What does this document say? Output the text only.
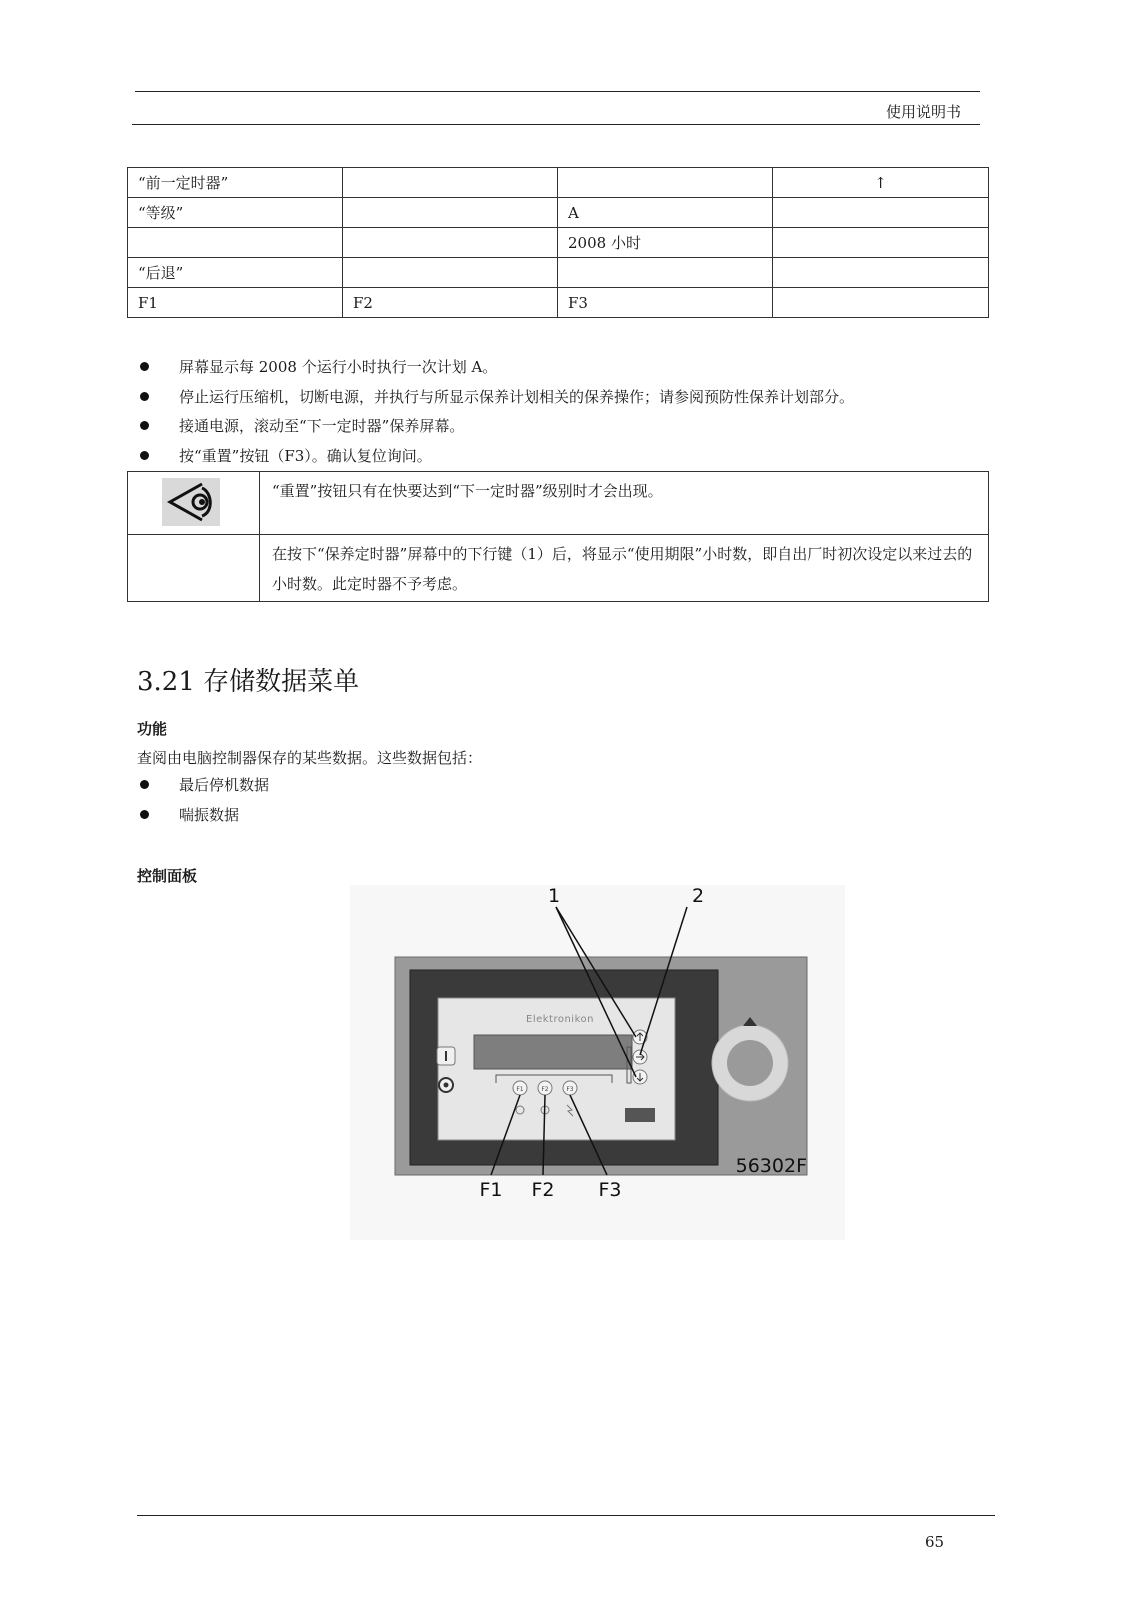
使用说明书
“前一定时器”			↑
“等级”		A	
		2008 小时	
“后退”			
F1	F2	F3	
屏幕显示每 2008 个运行小时执行一次计划 A。
停止运行压缩机，切断电源，并执行与所显示保养计划相关的保养操作；请参阅预防性保养计划部分。
接通电源，滚动至“下一定时器”保养屏幕。
按“重置”按钮（F3）。确认复位询问。
	“重置”按钮只有在快要达到“下一定时器”级别时才会出现。
	在按下“保养定时器”屏幕中的下行键（1）后，将显示“使用期限”小时数，即自出厂时初次设定以来过去的小时数。此定时器不予考虑。
3.21 存储数据菜单
功能
查阅由电脑控制器保存的某些数据。这些数据包括：
最后停机数据
喘振数据
控制面板
F1	F2	F3
Elektronikon
1	2
F1 F2 F3
56302F
65
